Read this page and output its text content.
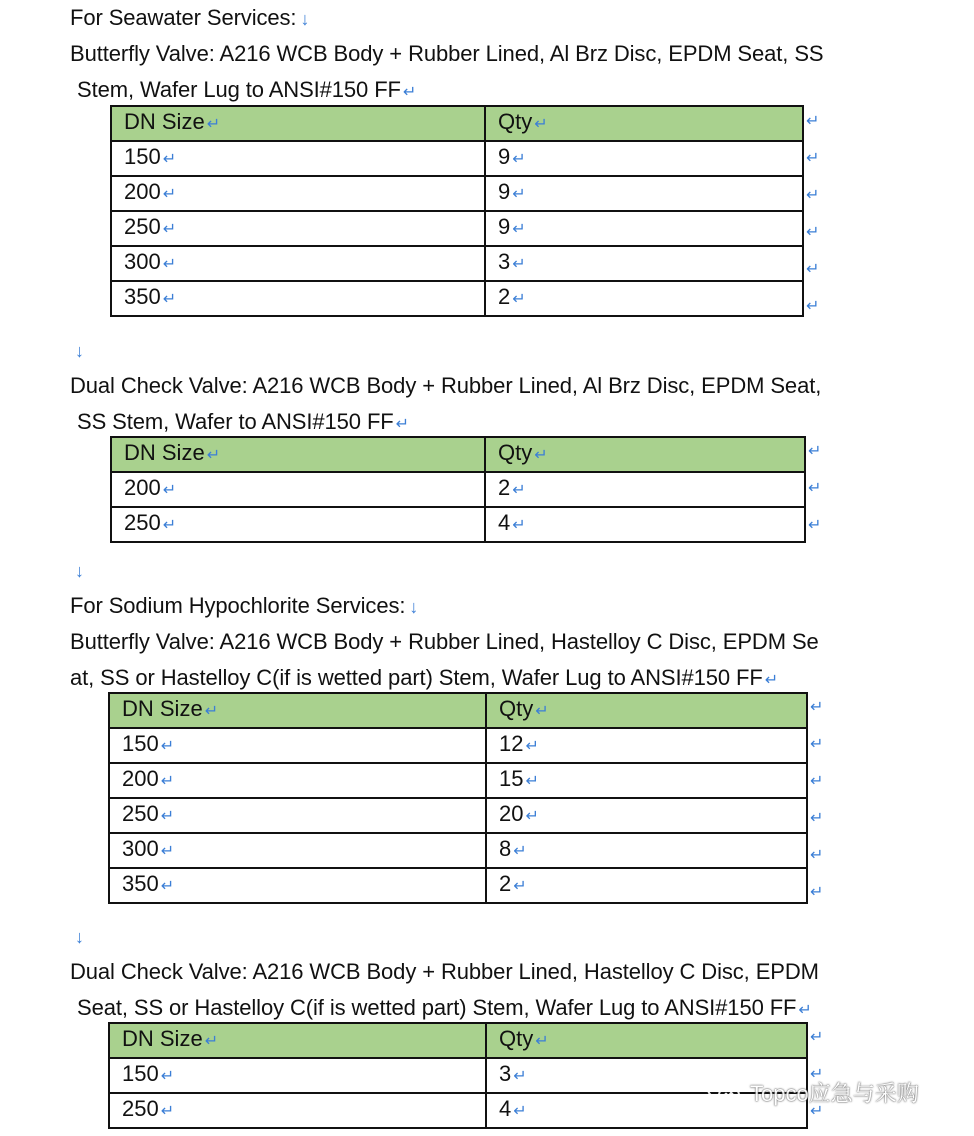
For Seawater Services: ↓
Butterfly Valve: A216 WCB Body + Rubber Lined, Al Brz Disc, EPDM Seat, SS
Stem, Wafer Lug to ANSI#150 FF ↵
DN Size ↵	Qty ↵
150 ↵	9 ↵
200 ↵	9 ↵
250 ↵	9 ↵
300 ↵	3 ↵
350 ↵	2 ↵
↓
Dual Check Valve: A216 WCB Body + Rubber Lined, Al Brz Disc, EPDM Seat,
SS Stem, Wafer to ANSI#150 FF ↵
DN Size ↵	Qty ↵
200 ↵	2 ↵
250 ↵	4 ↵
↓
For Sodium Hypochlorite Services: ↓
Butterfly Valve: A216 WCB Body + Rubber Lined, Hastelloy C Disc, EPDM Se
at, SS or Hastelloy C(if is wetted part) Stem, Wafer Lug to ANSI#150 FF ↵
DN Size ↵	Qty ↵
150 ↵	12 ↵
200 ↵	15 ↵
250 ↵	20 ↵
300 ↵	8 ↵
350 ↵	2 ↵
↓
Dual Check Valve: A216 WCB Body + Rubber Lined, Hastelloy C Disc, EPDM
Seat, SS or Hastelloy C(if is wetted part) Stem, Wafer Lug to ANSI#150 FF ↵
DN Size ↵	Qty ↵
150 ↵	3 ↵
250 ↵	4 ↵
Topco应急与采购
↵
↵
↵
↵
↵
↵
↵
↵
↵
↵
↵
↵
↵
↵
↵
↵
↵
↵
